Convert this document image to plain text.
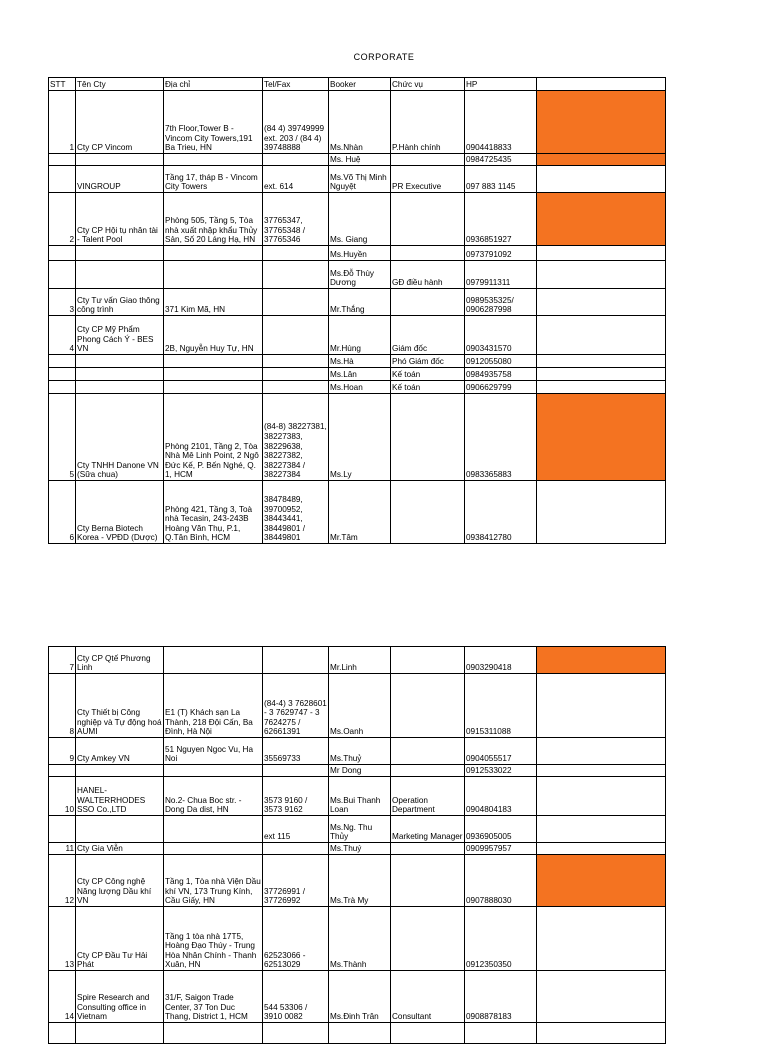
CORPORATE
STT	Tên Cty	Địa chỉ	Tel/Fax	Booker	Chức vụ	HP	
1	Cty CP Vincom	7th Floor,Tower B - Vincom City Towers,191 Ba Trieu, HN	(84 4) 39749999 ext. 203 / (84 4) 39748888	Ms.Nhàn	P.Hành chính	0904418833	
				Ms. Huệ		0984725435	
	VINGROUP	Tầng 17, tháp B - Vincom City Towers	ext. 614	Ms.Võ Thị Minh Nguyệt	PR Executive	097 883 1145	
2	Cty CP Hội tụ nhân tài - Talent Pool	Phòng 505, Tầng 5, Tòa nhà xuất nhập khẩu Thủy Sản, Số 20 Láng Hạ, HN	37765347, 37765348 / 37765346	Ms. Giang		0936851927	
				Ms.Huyền		0973791092	
				Ms.Đỗ Thùy Dương	GĐ điều hành	0979911311	
3	Cty Tư vấn Giao thông công trình	371 Kim Mã, HN		Mr.Thắng		0989535325/ 0906287998	
4	Cty CP Mỹ Phẩm Phong Cách Ý - BES VN	2B, Nguyễn Huy Tự, HN		Mr.Hùng	Giám đốc	0903431570	
				Ms.Hà	Phó Giám đốc	0912055080	
				Ms.Lân	Kế toán	0984935758	
				Ms.Hoan	Kế toán	0906629799	
5	Cty TNHH Danone VN (Sữa chua)	Phòng 2101, Tầng 2, Tòa Nhà Mê Linh Point, 2 Ngô Đức Kế, P. Bến Nghé, Q. 1, HCM	(84-8) 38227381, 38227383, 38229638, 38227382, 38227384 / 38227384	Ms.Ly		0983365883	
6	Cty Berna Biotech Korea - VPĐD (Dược)	Phòng 421, Tầng 3, Toà nhà Tecasin, 243-243B Hoàng Văn Thụ, P.1, Q.Tân Bình, HCM	38478489, 39700952, 38443441, 38449801 / 38449801	Mr.Tâm		0938412780	
7	Cty CP Qtế Phương Linh			Mr.Linh		0903290418	
8	Cty Thiết bị Công nghiệp và Tự động hoá AUMI	E1 (T) Khách sạn La Thành, 218 Đội Cấn, Ba Đình, Hà Nội	(84-4) 3 7628601 - 3 7629747 - 3 7624275 / 62661391	Ms.Oanh		0915311088	
9	Cty Amkey VN	51 Nguyen Ngoc Vu, Ha Noi	35569733	Ms.Thuỷ		0904055517	
				Mr Dong		0912533022	
10	HANEL-WALTERRHODES SSO Co.,LTD	No.2- Chua Boc str. - Dong Da dist, HN	3573 9160 / 3573 9162	Ms.Bui Thanh Loan	Operation Department	0904804183	
			ext 115	Ms.Ng. Thu Thủy	Marketing Manager	0936905005	
11	Cty Gia Viễn			Ms.Thuý		0909957957	
12	Cty CP Công nghệ Năng lượng Dầu khí VN	Tầng 1, Tòa nhà Viện Dầu khí VN, 173 Trung Kính, Cầu Giấy, HN	37726991 / 37726992	Ms.Trà My		0907888030	
13	Cty CP Đầu Tư Hải Phát	Tầng 1 tòa nhà 17T5, Hoàng Đạo Thúy - Trung Hòa Nhân Chính - Thanh Xuân, HN	62523066 - 62513029	Ms.Thành		0912350350	
14	Spire Research and Consulting office in Vietnam	31/F, Saigon Trade Center, 37 Ton Duc Thang, District 1, HCM	544 53306 / 3910 0082	Ms.Đinh Trân	Consultant	0908878183	
